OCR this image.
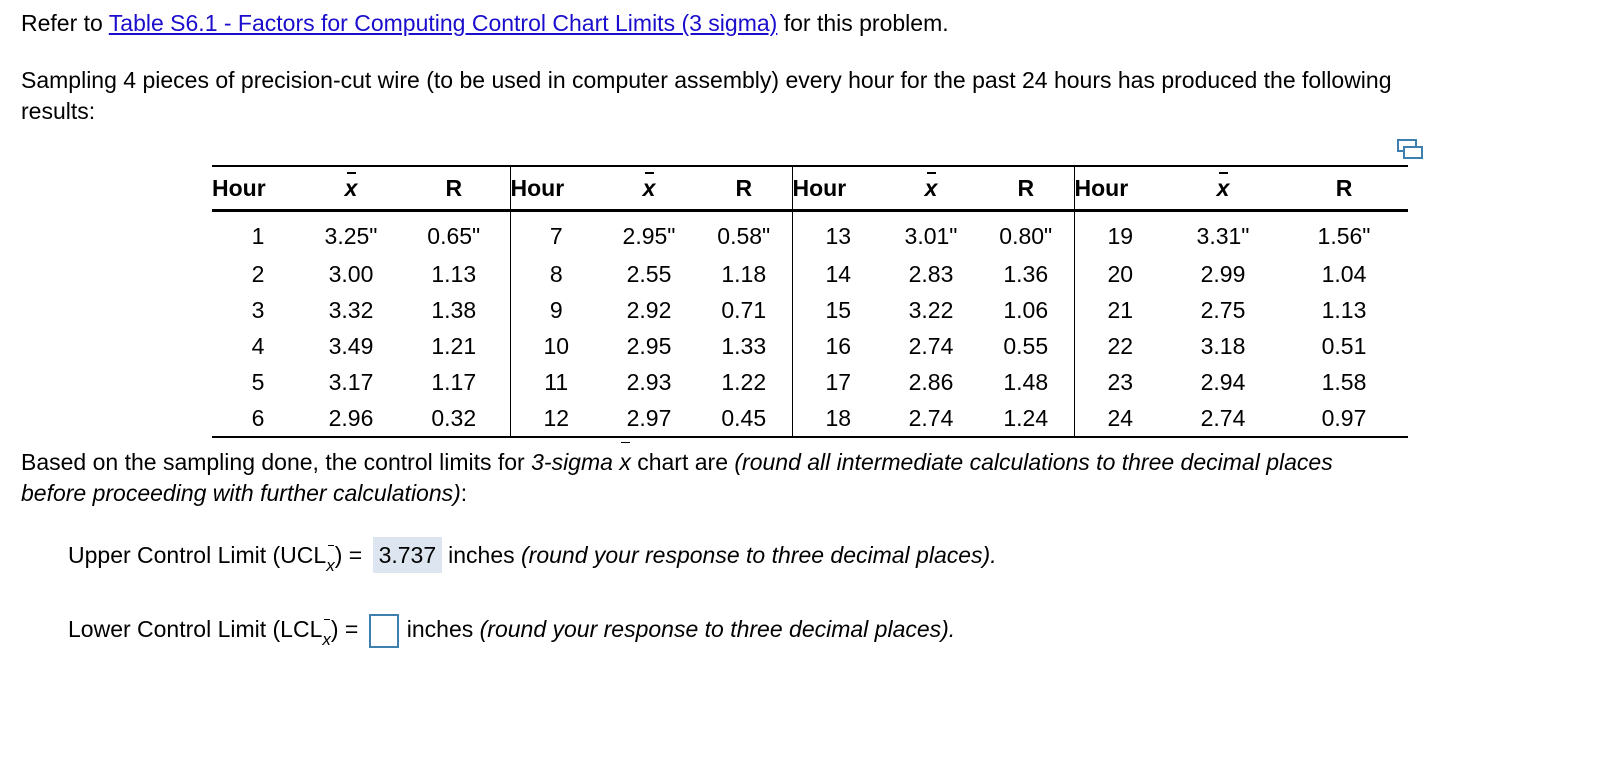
Refer to Table S6.1 - Factors for Computing Control Chart Limits (3 sigma) for this problem.
Sampling 4 pieces of precision-cut wire (to be used in computer assembly) every hour for the past 24 hours has produced the following
results:
Hour	x	R	Hour	x	R	Hour	x	R	Hour	x	R
1	3.25"	0.65"	7	2.95"	0.58"	13	3.01"	0.80"	19	3.31"	1.56"
2	3.00	1.13	8	2.55	1.18	14	2.83	1.36	20	2.99	1.04
3	3.32	1.38	9	2.92	0.71	15	3.22	1.06	21	2.75	1.13
4	3.49	1.21	10	2.95	1.33	16	2.74	0.55	22	3.18	0.51
5	3.17	1.17	11	2.93	1.22	17	2.86	1.48	23	2.94	1.58
6	2.96	0.32	12	2.97	0.45	18	2.74	1.24	24	2.74	0.97
Based on the sampling done, the control limits for 3-sigma x chart are (round all intermediate calculations to three decimal places
before proceeding with further calculations):
Upper Control Limit $(UCL_x) = 3.737$ inches (round your response to three decimal places).
Lower Control Limit $(LCL_x)$ = inches (round your response to three decimal places).
